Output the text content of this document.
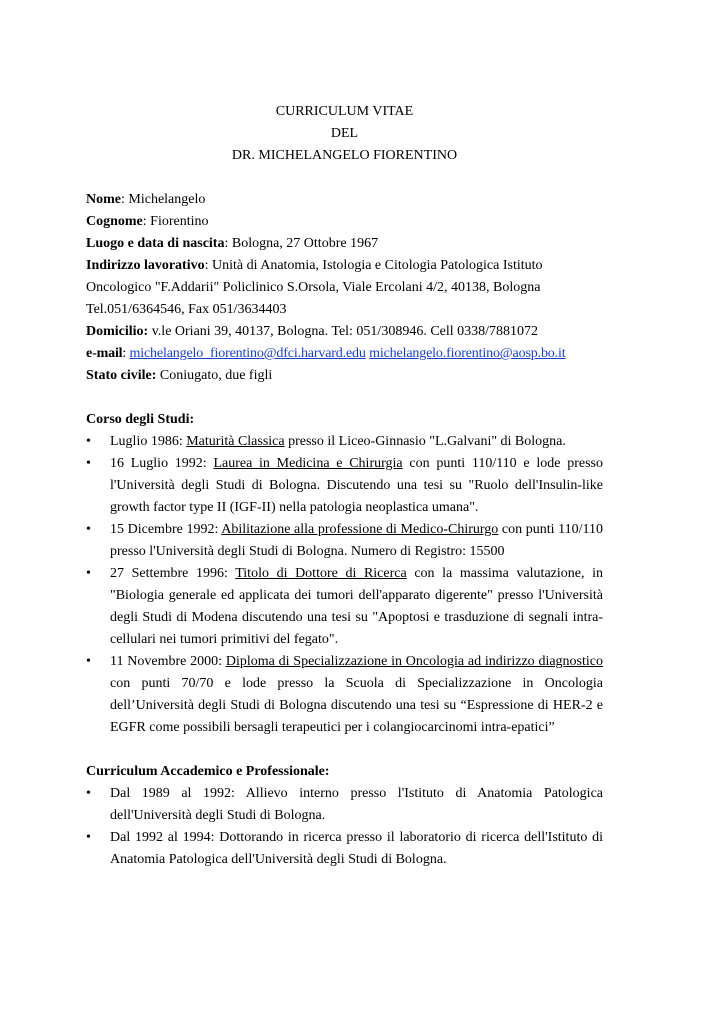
CURRICULUM VITAE
DEL
DR. MICHELANGELO FIORENTINO
Nome: Michelangelo
Cognome: Fiorentino
Luogo e data di nascita: Bologna, 27 Ottobre 1967
Indirizzo lavorativo: Unità di Anatomia, Istologia e Citologia Patologica Istituto Oncologico "F.Addarii" Policlinico S.Orsola, Viale Ercolani 4/2, 40138, Bologna Tel.051/6364546, Fax 051/3634403
Domicilio: v.le Oriani 39, 40137, Bologna. Tel: 051/308946. Cell 0338/7881072
e-mail: michelangelo_fiorentino@dfci.harvard.edu michelangelo.fiorentino@aosp.bo.it
Stato civile: Coniugato, due figli
Corso degli Studi:
• Luglio 1986: Maturità Classica presso il Liceo-Ginnasio "L.Galvani" di Bologna.
• 16 Luglio 1992: Laurea in Medicina e Chirurgia con punti 110/110 e lode presso l'Università degli Studi di Bologna. Discutendo una tesi su "Ruolo dell'Insulin-like growth factor type II (IGF-II) nella patologia neoplastica umana".
• 15 Dicembre 1992: Abilitazione alla professione di Medico-Chirurgo con punti 110/110 presso l'Università degli Studi di Bologna. Numero di Registro: 15500
• 27 Settembre 1996: Titolo di Dottore di Ricerca con la massima valutazione, in "Biologia generale ed applicata dei tumori dell'apparato digerente" presso l'Università degli Studi di Modena discutendo una tesi su "Apoptosi e trasduzione di segnali intra-cellulari nei tumori primitivi del fegato".
• 11 Novembre 2000: Diploma di Specializzazione in Oncologia ad indirizzo diagnostico con punti 70/70 e lode presso la Scuola di Specializzazione in Oncologia dell’Università degli Studi di Bologna discutendo una tesi su “Espressione di HER-2 e EGFR come possibili bersagli terapeutici per i colangiocarcinomi intra-epatici”
Curriculum Accademico e Professionale:
• Dal 1989 al 1992: Allievo interno presso l'Istituto di Anatomia Patologica dell'Università degli Studi di Bologna.
• Dal 1992 al 1994: Dottorando in ricerca presso il laboratorio di ricerca dell'Istituto di Anatomia Patologica dell'Università degli Studi di Bologna.
